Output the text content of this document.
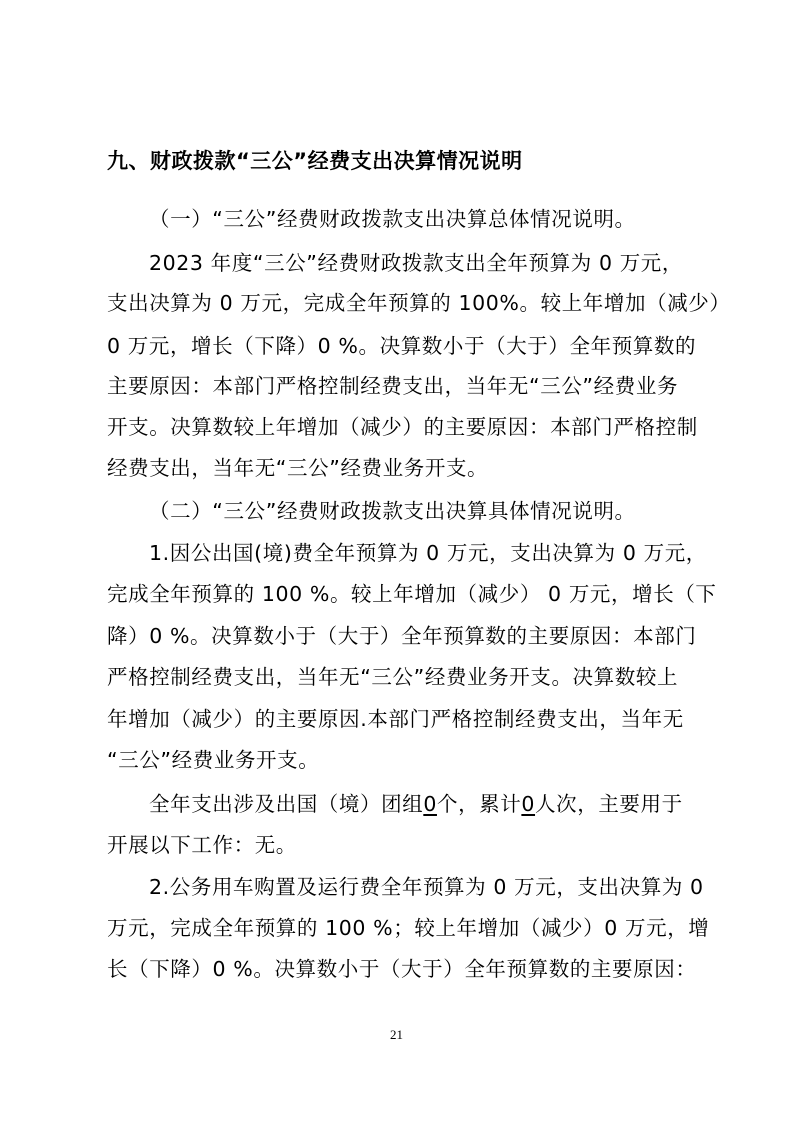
九、财政拨款“三公”经费支出决算情况说明
（一）“三公”经费财政拨款支出决算总体情况说明。
2023 年度“三公”经费财政拨款支出全年预算为 0 万元，
支出决算为 0 万元，完成全年预算的 100%。较上年增加（减少）
0 万元，增长（下降）0 %。决算数小于（大于）全年预算数的
主要原因：本部门严格控制经费支出，当年无“三公”经费业务
开支。决算数较上年增加（减少）的主要原因：本部门严格控制
经费支出，当年无“三公”经费业务开支。
（二）“三公”经费财政拨款支出决算具体情况说明。
1.因公出国(境)费全年预算为 0 万元，支出决算为 0 万元，
完成全年预算的 100 %。较上年增加（减少） 0 万元，增长（下
降）0 %。决算数小于（大于）全年预算数的主要原因：本部门
严格控制经费支出，当年无“三公”经费业务开支。决算数较上
年增加（减少）的主要原因.本部门严格控制经费支出，当年无
“三公”经费业务开支。
全年支出涉及出国（境）团组0个，累计0人次，主要用于
开展以下工作：无。
2.公务用车购置及运行费全年预算为 0 万元，支出决算为 0
万元，完成全年预算的 100 %；较上年增加（减少）0 万元，增
长（下降）0 %。决算数小于（大于）全年预算数的主要原因：
21
